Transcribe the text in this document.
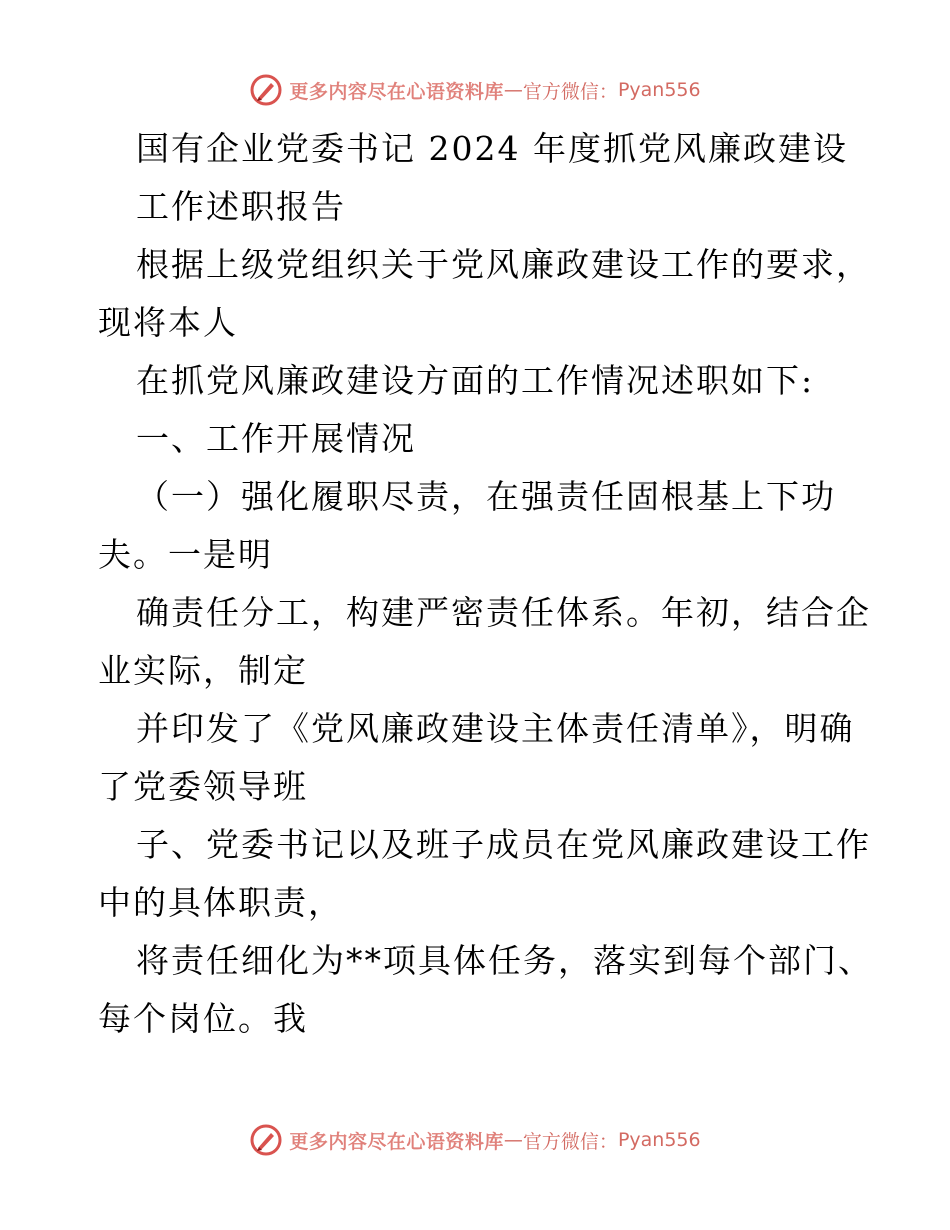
更多内容尽在心语资料库 — 官方微信： Pyan556
国有企业党委书记 2024 年度抓党风廉政建设
工作述职报告
根据上级党组织关于党风廉政建设工作的要求，
现将本人
在抓党风廉政建设方面的工作情况述职如下:
一、工作开展情况
（一）强化履职尽责，在强责任固根基上下功
夫。一是明
确责任分工，构建严密责任体系。年初，结合企
业实际，制定
并印发了《党风廉政建设主体责任清单》，明确
了党委领导班
子、党委书记以及班子成员在党风廉政建设工作
中的具体职责，
将责任细化为**项具体任务，落实到每个部门、
每个岗位。我
更多内容尽在心语资料库 — 官方微信： Pyan556
